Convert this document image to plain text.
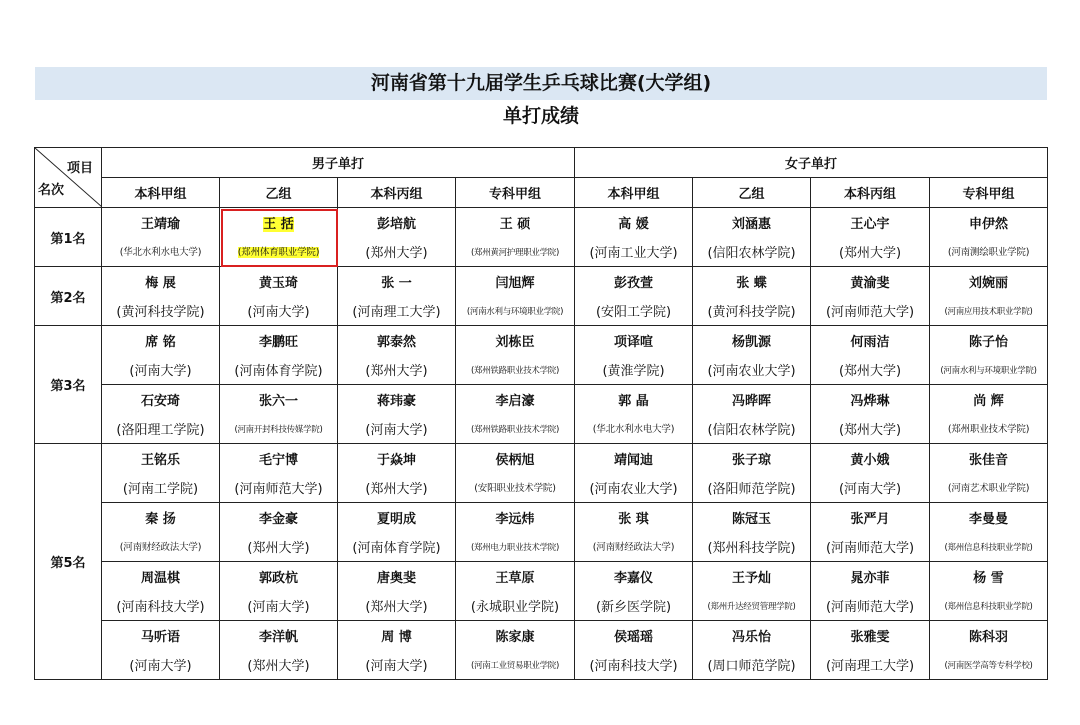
河南省第十九届学生乒乓球比赛(大学组)
单打成绩
项目
名次	男子单打				女子单打			
	本科甲组	乙组	本科丙组	专科甲组	本科甲组	乙组	本科丙组	专科甲组
第1名	王靖瑜	王 括	彭培航	王 硕	高 媛	刘涵惠	王心宇	申伊然
	(华北水利水电大学)	(郑州体育职业学院)	(郑州大学)	(郑州黄河护理职业学院)	(河南工业大学)	(信阳农林学院)	(郑州大学)	(河南测绘职业学院)
第2名	梅 展	黄玉琦	张 一	闫旭辉	彭孜萱	张 蝶	黄渝斐	刘婉丽
	(黄河科技学院)	(河南大学)	(河南理工大学)	(河南水利与环境职业学院)	(安阳工学院)	(黄河科技学院)	(河南师范大学)	(河南应用技术职业学院)
第3名	席 铭	李鹏旺	郭泰然	刘栋臣	项译喧	杨凯源	何雨洁	陈子怡
	(河南大学)	(河南体育学院)	(郑州大学)	(郑州铁路职业技术学院)	(黄淮学院)	(河南农业大学)	(郑州大学)	(河南水利与环境职业学院)
	石安琦	张六一	蒋玮豪	李启濠	郭 晶	冯晔晖	冯烨琳	尚 辉
	(洛阳理工学院)	(河南开封科技传媒学院)	(河南大学)	(郑州铁路职业技术学院)	(华北水利水电大学)	(信阳农林学院)	(郑州大学)	(郑州职业技术学院)
第5名	王铭乐	毛宁博	于焱坤	侯柄旭	靖闻迪	张子琼	黄小娥	张佳音
	(河南工学院)	(河南师范大学)	(郑州大学)	(安阳职业技术学院)	(河南农业大学)	(洛阳师范学院)	(河南大学)	(河南艺术职业学院)
	秦 扬	李金豪	夏明成	李远炜	张 琪	陈冠玉	张严月	李曼曼
	(河南财经政法大学)	(郑州大学)	(河南体育学院)	(郑州电力职业技术学院)	(河南财经政法大学)	(郑州科技学院)	(河南师范大学)	(郑州信息科技职业学院)
	周温棋	郭政杭	唐奥斐	王草原	李嘉仪	王予灿	晁亦菲	杨 雪
	(河南科技大学)	(河南大学)	(郑州大学)	(永城职业学院)	(新乡医学院)	(郑州升达经贸管理学院)	(河南师范大学)	(郑州信息科技职业学院)
	马听语	李洋帆	周 博	陈家康	侯瑶瑶	冯乐怡	张雅雯	陈科羽
	(河南大学)	(郑州大学)	(河南大学)	(河南工业贸易职业学院)	(河南科技大学)	(周口师范学院)	(河南理工大学)	(河南医学高等专科学校)
